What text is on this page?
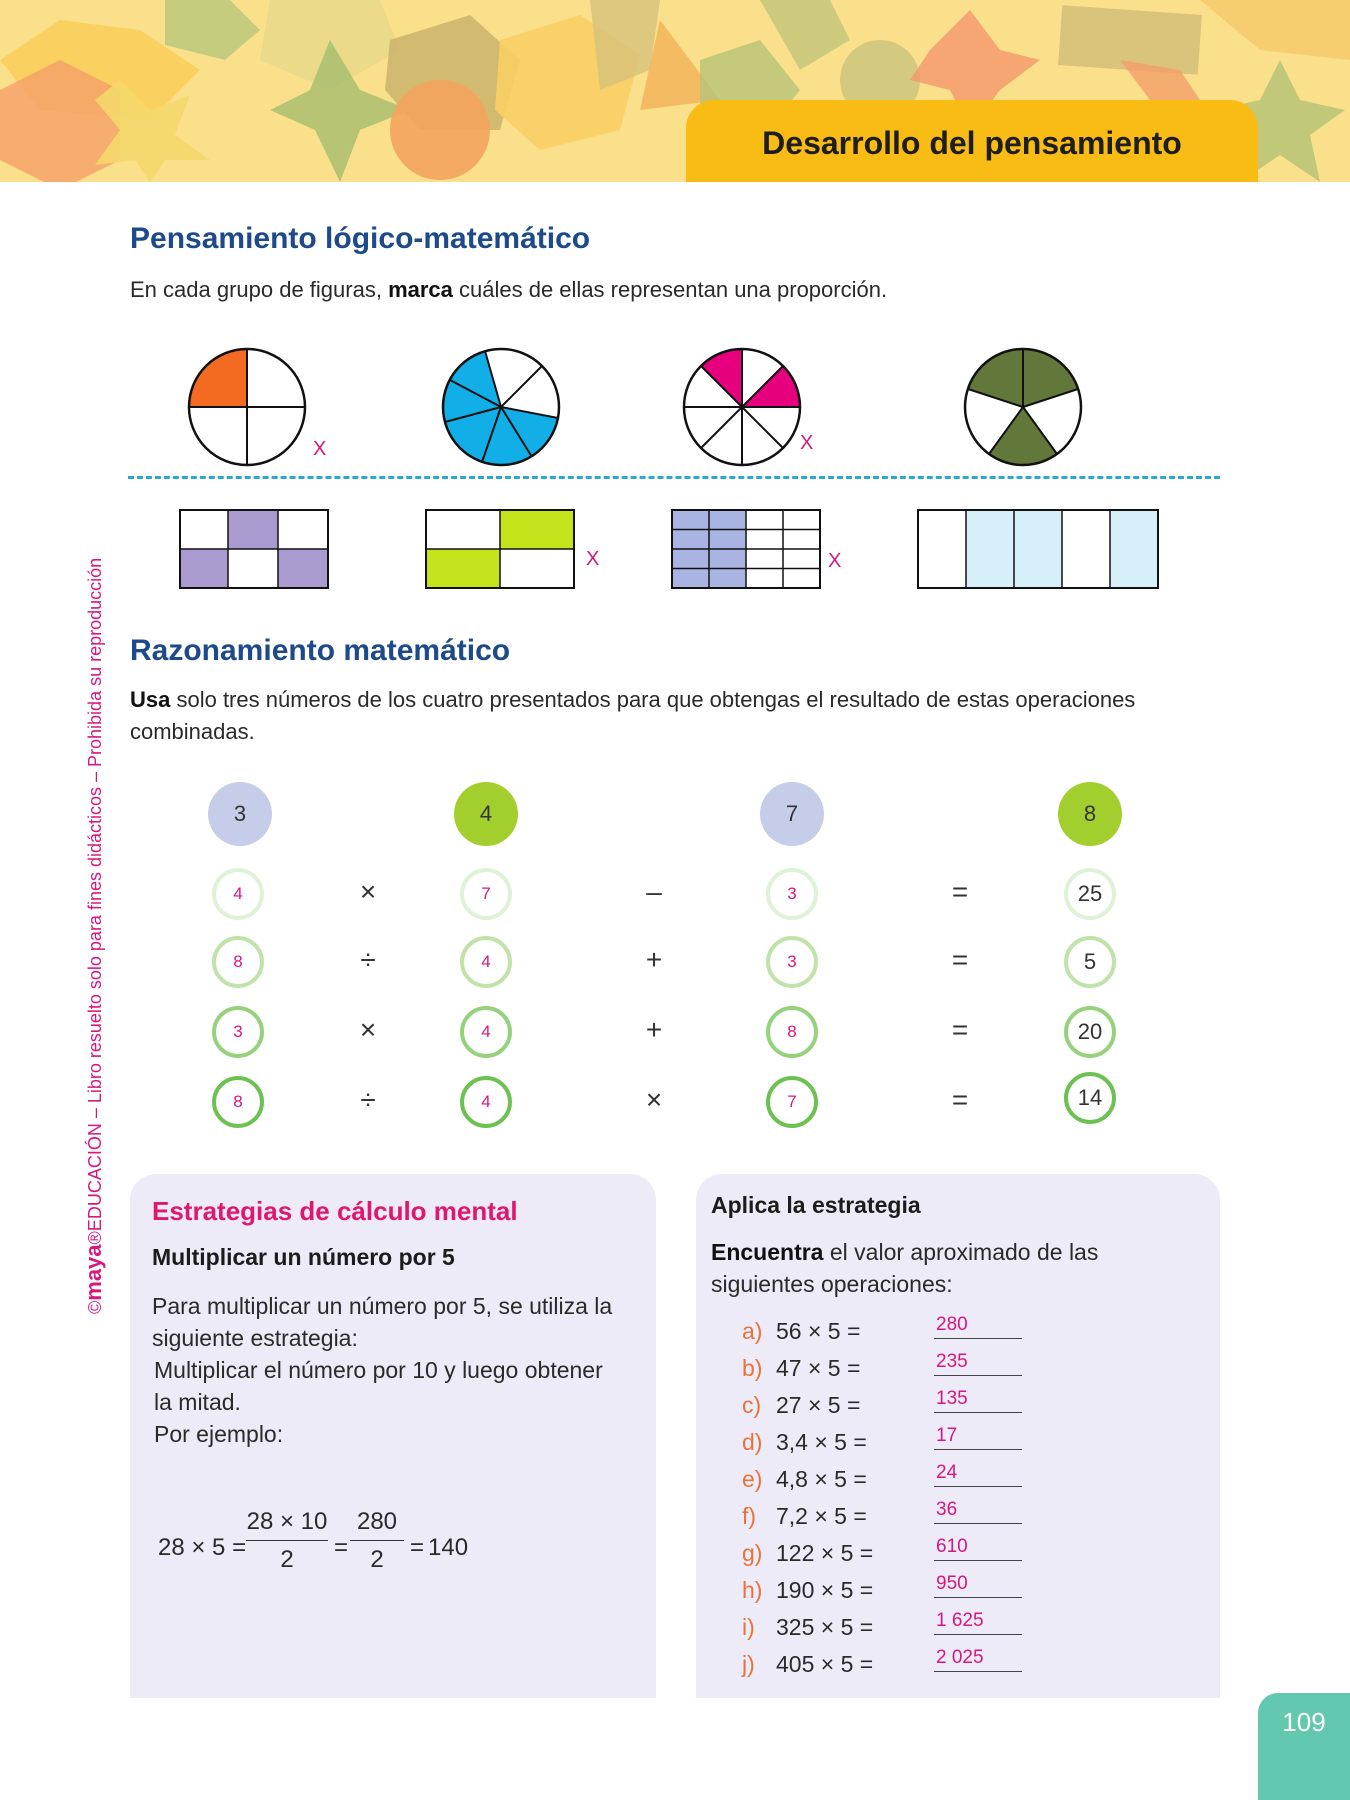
Desarrollo del pensamiento
©maya®EDUCACIÓN – Libro resuelto solo para fines didácticos – Prohibida su reproducción
Pensamiento lógico-matemático
En cada grupo de figuras, marca cuáles de ellas representan una proporción.
X	X
X	X
Razonamiento matemático
Usa solo tres números de los cuatro presentados para que obtengas el resultado de estas operaciones
combinadas.
3	4	7	8
4	×	7	–	3	=	25
8	÷	4	+	3	=	5
3	×	4	+	8	=	20
8	÷	4	×	7	=	14
Estrategias de cálculo mental
Multiplicar un número por 5
Para multiplicar un número por 5, se utiliza la
siguiente estrategia:
Multiplicar el número por 10 y luego obtener
la mitad.
Por ejemplo:
28 × 5 =
28 × 10
2	=
280
2	= 140
Aplica la estrategia
Encuentra el valor aproximado de las
siguientes operaciones:
a) 56 × 5 =	280
b) 47 × 5 =	235
c) 27 × 5 =	135
d) 3,4 × 5 =	17
e) 4,8 × 5 =	24
f) 7,2 × 5 =	36
g) 122 × 5 =	610
h) 190 × 5 =	950
i) 325 × 5 =	1 625
j) 405 × 5 =	2 025
109
